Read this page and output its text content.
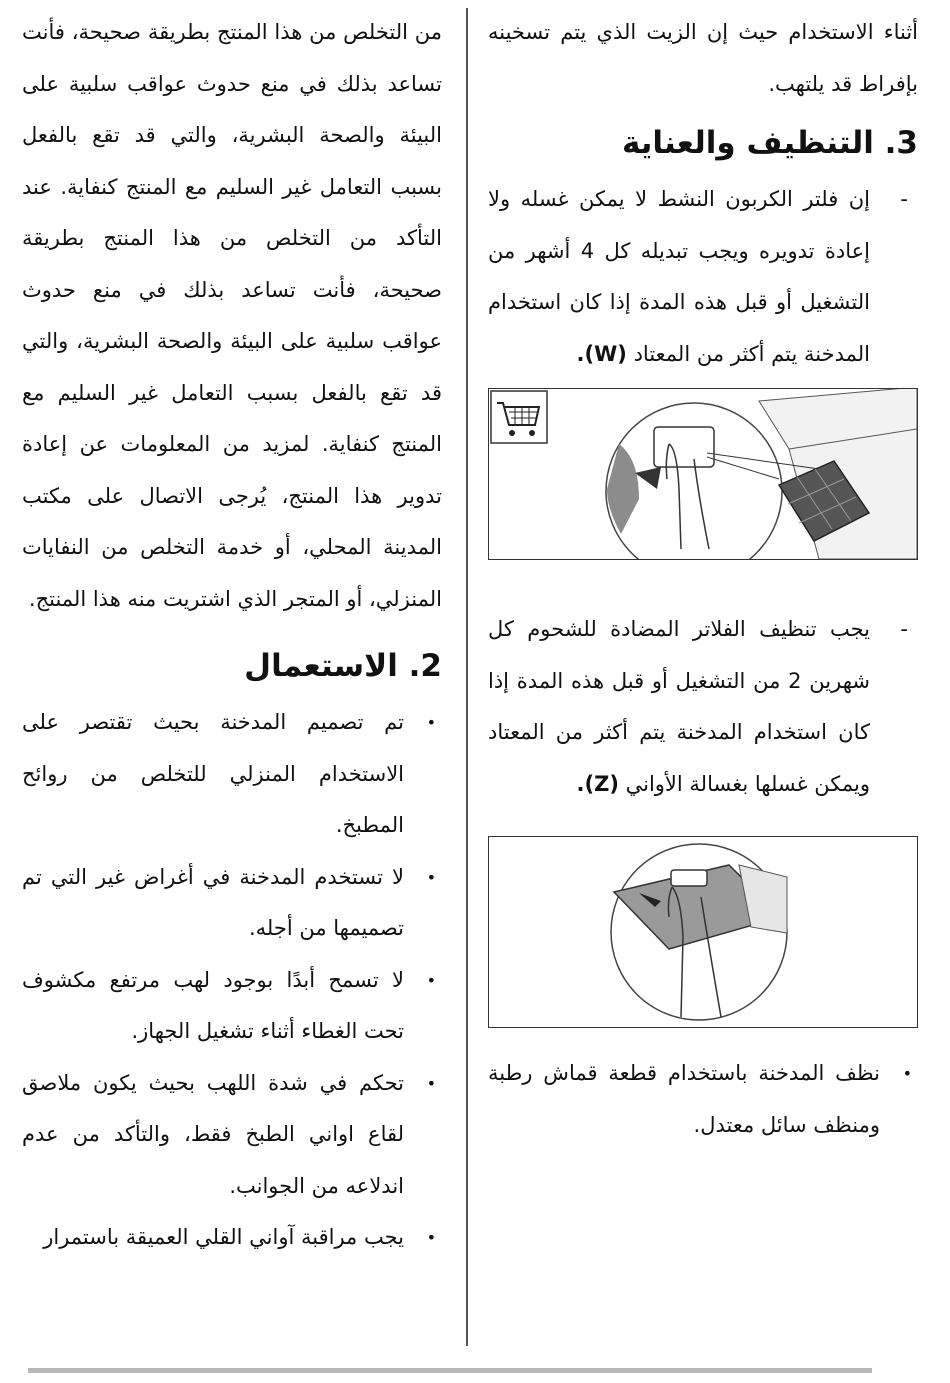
أثناء الاستخدام حيث إن الزيت الذي يتم تسخينه بإفراط قد يلتهب.
3. التنظيف والعناية
-
إن فلتر الكربون النشط لا يمكن غسله ولا إعادة تدويره ويجب تبديله كل 4 أشهر من التشغيل أو قبل هذه المدة إذا كان استخدام المدخنة يتم أكثر من المعتاد (W).
-
يجب تنظيف الفلاتر المضادة للشحوم كل شهرين 2 من التشغيل أو قبل هذه المدة إذا كان استخدام المدخنة يتم أكثر من المعتاد ويمكن غسلها بغسالة الأواني (Z).
•
نظف المدخنة باستخدام قطعة قماش رطبة ومنظف سائل معتدل.
من التخلص من هذا المنتج بطريقة صحيحة، فأنت تساعد بذلك في منع حدوث عواقب سلبية على البيئة والصحة البشرية، والتي قد تقع بالفعل بسبب التعامل غير السليم مع المنتج كنفاية. عند التأكد من التخلص من هذا المنتج بطريقة صحيحة، فأنت تساعد بذلك في منع حدوث عواقب سلبية على البيئة والصحة البشرية، والتي قد تقع بالفعل بسبب التعامل غير السليم مع المنتج كنفاية. لمزيد من المعلومات عن إعادة تدوير هذا المنتج، يُرجى الاتصال على مكتب المدينة المحلي، أو خدمة التخلص من النفايات المنزلي، أو المتجر الذي اشتريت منه هذا المنتج.
2. الاستعمال
•
تم تصميم المدخنة بحيث تقتصر على الاستخدام المنزلي للتخلص من روائح المطبخ.
•
لا تستخدم المدخنة في أغراض غير التي تم تصميمها من أجله.
•
لا تسمح أبدًا بوجود لهب مرتفع مكشوف تحت الغطاء أثناء تشغيل الجهاز.
•
تحكم في شدة اللهب بحيث يكون ملاصق لقاع اواني الطبخ فقط، والتأكد من عدم اندلاعه من الجوانب.
•
يجب مراقبة آواني القلي العميقة باستمرار
